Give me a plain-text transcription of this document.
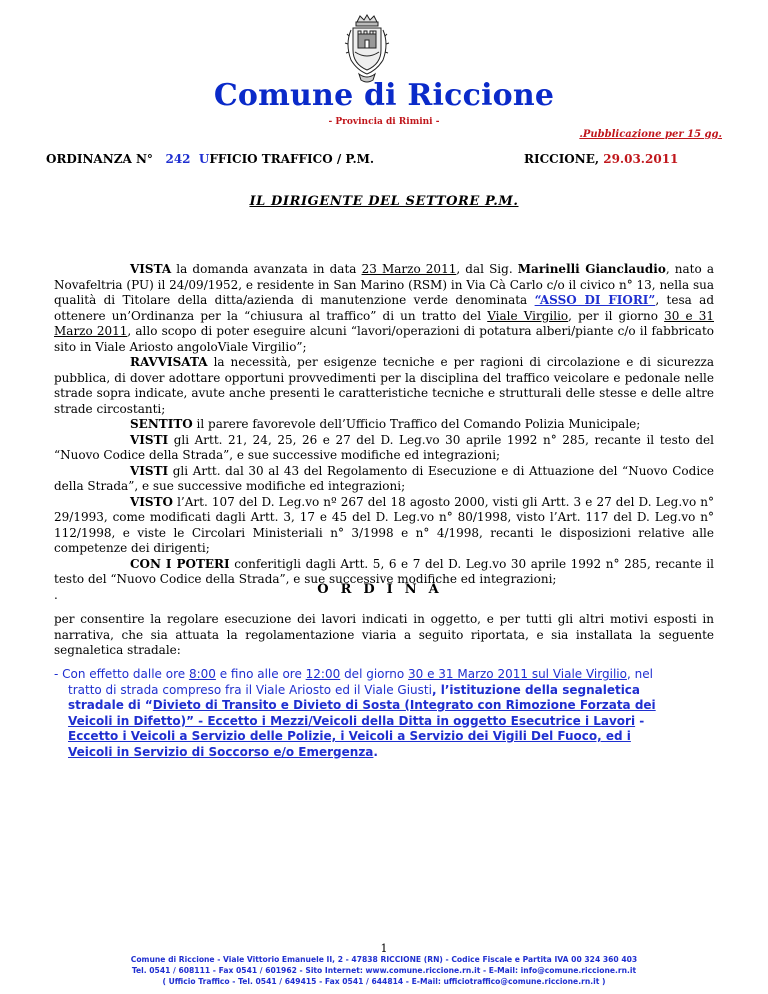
Comune di Riccione
- Provincia di Rimini -
.Pubblicazione per 15 gg.
ORDINANZA N° 242 UFFICIO TRAFFICO / P.M.	RICCIONE, 29.03.2011
IL DIRIGENTE DEL SETTORE P.M.

VISTA la domanda avanzata in data 23 Marzo 2011, dal Sig. Marinelli Gianclaudio, nato a Novafeltria (PU) il 24/09/1952, e residente in San Marino (RSM) in Via Cà Carlo c/o il civico n° 13, nella sua qualità di Titolare della ditta/azienda di manutenzione verde denominata “ASSO DI FIORI”, tesa ad ottenere un’Ordinanza per la “chiusura al traffico” di un tratto del Viale Virgilio, per il giorno 30 e 31 Marzo 2011, allo scopo di poter eseguire alcuni “lavori/operazioni di potatura alberi/piante c/o il fabbricato sito in Viale Ariosto angoloViale Virgilio”;

RAVVISATA la necessità, per esigenze tecniche e per ragioni di circolazione e di sicurezza pubblica, di dover adottare opportuni provvedimenti per la disciplina del traffico veicolare e pedonale nelle strade sopra indicate, avute anche presenti le caratteristiche tecniche e strutturali delle stesse e delle altre strade circostanti;

SENTITO il parere favorevole dell’Ufficio Traffico del Comando Polizia Municipale;

VISTI gli Artt. 21, 24, 25, 26 e 27 del D. Leg.vo 30 aprile 1992 n° 285, recante il testo del “Nuovo Codice della Strada”, e sue successive modifiche ed integrazioni;

VISTI gli Artt. dal 30 al 43 del Regolamento di Esecuzione e di Attuazione del “Nuovo Codice della Strada”, e sue successive modifiche ed integrazioni;

VISTO l’Art. 107 del D. Leg.vo nº 267 del 18 agosto 2000, visti gli Artt. 3 e 27 del D. Leg.vo n° 29/1993, come modificati dagli Artt. 3, 17 e 45 del D. Leg.vo n° 80/1998, visto l’Art. 117 del D. Leg.vo n° 112/1998, e viste le Circolari Ministeriali n° 3/1998 e n° 4/1998, recanti le disposizioni relative alle competenze dei dirigenti;

CON I POTERI conferitigli dagli Artt. 5, 6 e 7 del D. Leg.vo 30 aprile 1992 n° 285, recante il testo del “Nuovo Codice della Strada”, e sue successive modifiche ed integrazioni;

.	ORDINA
per consentire la regolare esecuzione dei lavori indicati in oggetto, e per tutti gli altri motivi esposti in narrativa, che sia attuata la regolamentazione viaria a seguito riportata, e sia installata la seguente segnaletica stradale:
- Con effetto dalle ore 8:00 e fino alle ore 12:00 del giorno 30 e 31 Marzo 2011 sul Viale Virgilio, nel
tratto di strada compreso fra il Viale Ariosto ed il Viale Giusti, l’istituzione della segnaletica
stradale di “Divieto di Transito e Divieto di Sosta (Integrato con Rimozione Forzata dei
Veicoli in Difetto)” - Eccetto i Mezzi/Veicoli della Ditta in oggetto Esecutrice i Lavori -
Eccetto i Veicoli a Servizio delle Polizie, i Veicoli a Servizio dei Vigili Del Fuoco, ed i
Veicoli in Servizio di Soccorso e/o Emergenza.
1
Comune di Riccione - Viale Vittorio Emanuele II, 2 - 47838 RICCIONE (RN) - Codice Fiscale e Partita IVA 00 324 360 403
Tel. 0541 / 608111 - Fax 0541 / 601962 - Sito Internet: www.comune.riccione.rn.it - E-Mail: info@comune.riccione.rn.it
( Ufficio Traffico - Tel. 0541 / 649415 - Fax 0541 / 644814 - E-Mail: ufficiotraffico@comune.riccione.rn.it )
